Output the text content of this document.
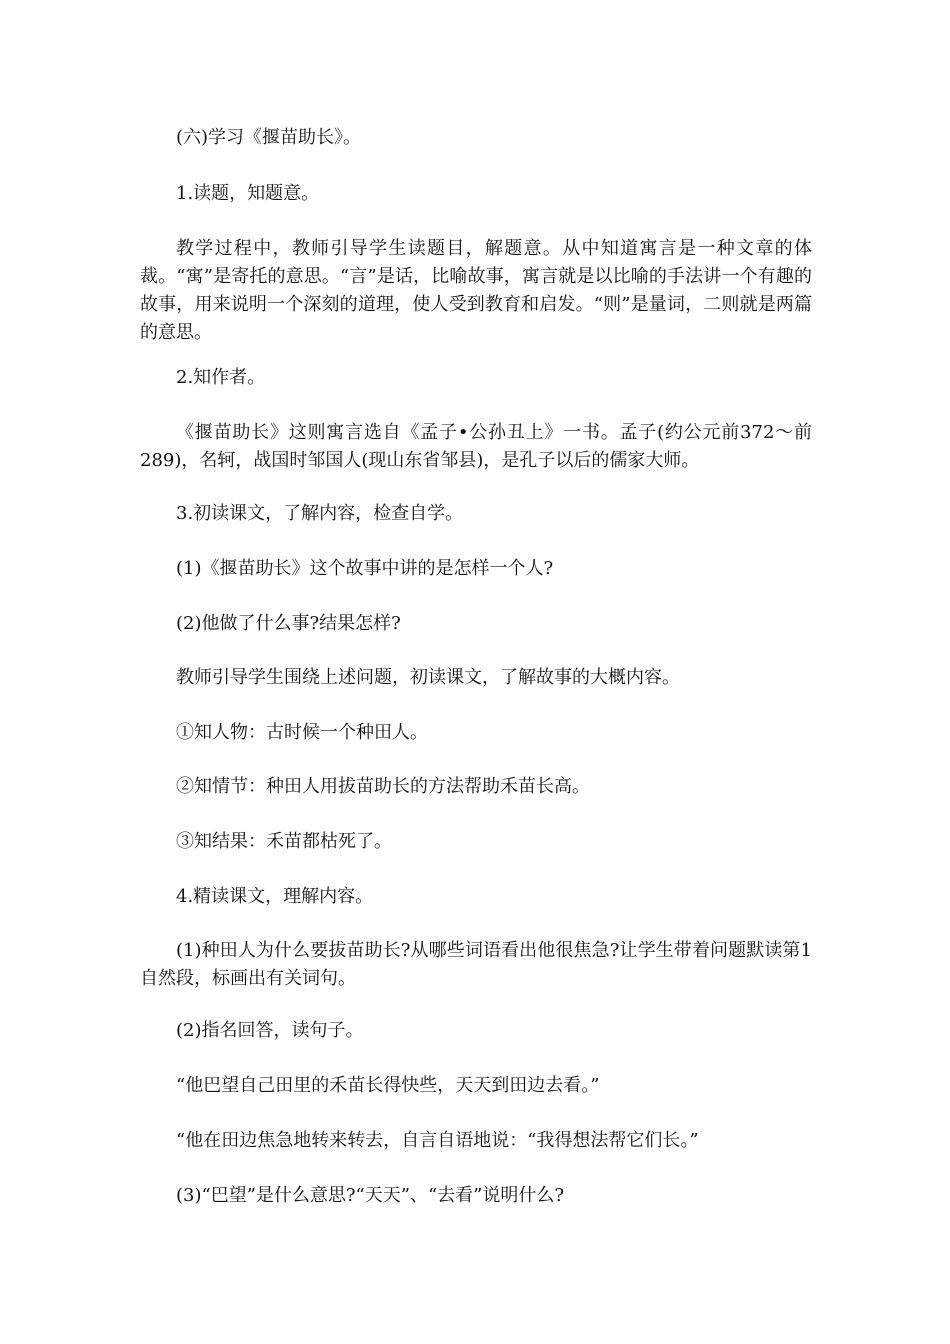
(六)学习《揠苗助长》。

1.读题，知题意。

教学过程中，教师引导学生读题目，解题意。从中知道寓言是一种文章的体裁。“寓”是寄托的意思。“言”是话，比喻故事，寓言就是以比喻的手法讲一个有趣的故事，用来说明一个深刻的道理，使人受到教育和启发。“则”是量词，二则就是两篇的意思。

2.知作者。

《揠苗助长》这则寓言选自《孟子•公孙丑上》一书。孟子(约公元前372～前289)，名轲，战国时邹国人(现山东省邹县)，是孔子以后的儒家大师。

3.初读课文，了解内容，检查自学。

(1)《揠苗助长》这个故事中讲的是怎样一个人?

(2)他做了什么事?结果怎样?

教师引导学生围绕上述问题，初读课文，了解故事的大概内容。

①知人物：古时候一个种田人。

②知情节：种田人用拔苗助长的方法帮助禾苗长高。

③知结果：禾苗都枯死了。

4.精读课文，理解内容。

(1)种田人为什么要拔苗助长?从哪些词语看出他很焦急?让学生带着问题默读第1自然段，标画出有关词句。

(2)指名回答，读句子。

“他巴望自己田里的禾苗长得快些，天天到田边去看。”

“他在田边焦急地转来转去，自言自语地说：“我得想法帮它们长。”

(3)“巴望”是什么意思?“天天”、“去看”说明什么?
